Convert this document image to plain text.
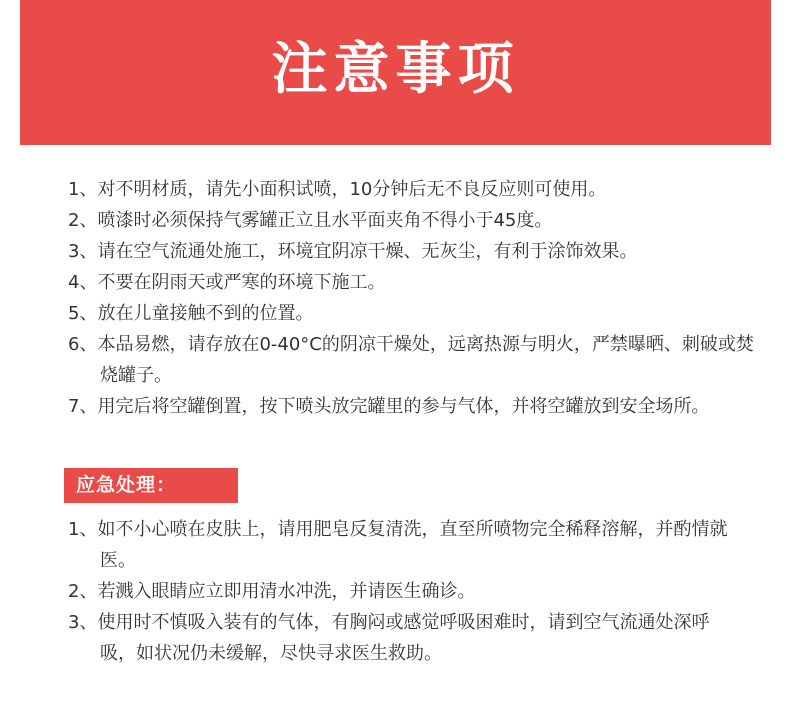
注意事项
1、对不明材质，请先小面积试喷，10分钟后无不良反应则可使用。
2、喷漆时必须保持气雾罐正立且水平面夹角不得小于45度。
3、请在空气流通处施工，环境宜阴凉干燥、无灰尘，有利于涂饰效果。
4、不要在阴雨天或严寒的环境下施工。
5、放在儿童接触不到的位置。
6、本品易燃，请存放在0-40°C的阴凉干燥处，远离热源与明火，严禁曝晒、刺破或焚烧罐子。
7、用完后将空罐倒置，按下喷头放完罐里的参与气体，并将空罐放到安全场所。
应急处理：
1、如不小心喷在皮肤上，请用肥皂反复清洗，直至所喷物完全稀释溶解，并酌情就医。
2、若溅入眼睛应立即用清水冲洗，并请医生确诊。
3、使用时不慎吸入装有的气体，有胸闷或感觉呼吸困难时，请到空气流通处深呼吸，如状况仍未缓解，尽快寻求医生救助。
